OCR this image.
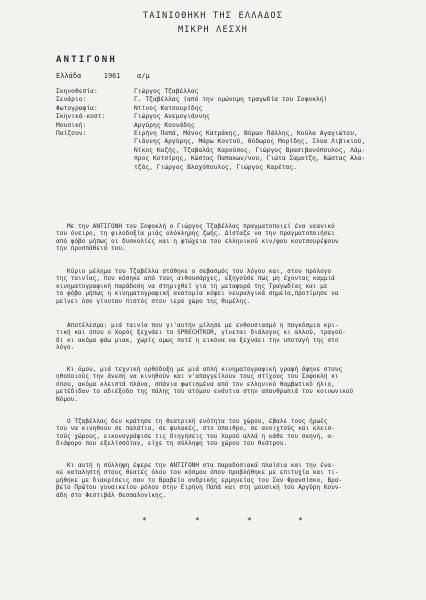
ΤΑΙΝΙΟΘΗΚΗ ΤΗΣ ΕΛΛΑΔΟΣ
ΜΙΚΡΗ ΛΕΣΧΗ
ΑΝΤΙΓΟΝΗ
Ελλάδα	1961 α/μ
Σκηνοθεσία:	Γιώργος Τζαβέλλας
Σενάριο:	Γ. Τζαβέλλας (από την ομώνυμη τραγωδία του Σοφοκλή)
Φωτογραφία:	Ντίνος Κατσουρίδης
Σκηνικά-κοστ:	Γιώργος Ανεμογιάννης
Μουσική:	Αργύρης Κουνάδης
Παίζουν:	Ειρήνη Παπά, Μάνος Κατράκης, Βύρων Πάλλης, Κούλα Αγαγιώτου,
Γιάννης Αργύρης, Μάρω Κοντού, Θόδωρος Μορίδης, Ιλυα Λιβικιού,
Νίκος Καζής, Τζαβαλάς Καρούσος, Γιώργος Βρασιβανόπουλος, Λάμ-
προς Κοτσίρης, Κώστας Παπακων/νου, Γιώτα Σαμοτζη, Κώστας Αλα-
τζάς, Γιώργος Βλαχόπουλος, Γιώργος Καρέτας.
Με την ΑΝΤΙΓΟΝΗ του Σοφοκλή ο Γιώργος Τζαβέλλας πραγματοποιεί ένα νεανικό
του όνειρο, τη φιλοδοξία μιάς ολόκληρης ζωής. Δίσταζε να την πραγματοποιήσει
από φόβο μήπως οι δυσκολίες και η φτώχεια του ελληνικού κιν/φου κουτσουρέψουν
την προσπάθειά του.
Κύριο μέλημα του Τζαβέλλα στάθηκε ο σεβασμός του λόγου και, στον πρόλογο
της ταινίας, που κόσηκε από τους αιθουσάρχες, εξηγούσε πως μη έχοντας καμμιά
κινηματογραφική παράδοση να στηριχθεί για τη μεταφορά της Τραγωδίας και με
το φόβο μήπως η κινηματογραφική ανατομία κόψει νευραλγικά σημεία,προτίμησε να
μείνει όσο γίνοταν πιστός στον ιερό χώρο της θυμέλης.
Αποτέλεσμα: μιά ταινία που γι'αυτήν μίλησε με ενθουσιασμό η παγκόσμια κρι-
τική και όπου ο Χορός ξεχνάει το SPRECHTKOR, γίνεται διάλογος κι αλλού, τραγού-
δι κι ακόμα φάω μιακ, χωρίς ομως ποτέ η εικόνα να ξεχνάει την υποταγή της στο
λόγο.
Κι όμου, μιά τεχνική ορθόδοξη με μιά απλή κινηματογραφική γραφή άφηνε στους
ηθοποιούς την άνεση να κινηθούν και ν'απαγγείλουν τους στίχους του Σοφοκλή κι
όπου, ακόμα κλειστά πλάνα, σπάνια φωτισμένα από τον ελληνικό θαμβωτικό ήλιο,
μετέδιδαν το αδιέξοδο της πάλης του ατόμου ενάντια στην απανθρωπιά του κοινωνικού
Νόμου.
Ο Τζαβέλλας δεν κράτησε τη θεατρική ενότητα του χώρου, έβαλε τους ήρωές
του να κινηθουν σε παλάτια, σε φυλακές, στο ύπαιθρο, σε ανοιχτούς και κλεισ-
τούς χώρους, εικονογράφισε τις διηγήσεις του Χορού αλλά η κάθε του σκηνή, α-
διάφορο που εξελίσσόταν, είχε τη σύλληψη του χώρου του θεάτρου.
Κι αυτή η σύλληψη έφερε την ΑΝΤΙΓΟΝΗ στα παραδοσιακά πλαίσια και την ένα-
κε καταληπτή στους θεατές όλου του κόσμου όπου προβλήθηκε με επιτυχία και τι-
μήθηκε με διακρίσεις σαν το Βραβείο ανδρικής ερμηνείας του Σαν Φρανσίσκο, Βρα-
βείο Πρώτου γυναικείου ρόλου στην Ειρήνη Παπά και στη μουσική του Αργύρη Κουν-
άδη στο Φεστιβάλ Θεσσαλονίκης.
*	*	*	*
